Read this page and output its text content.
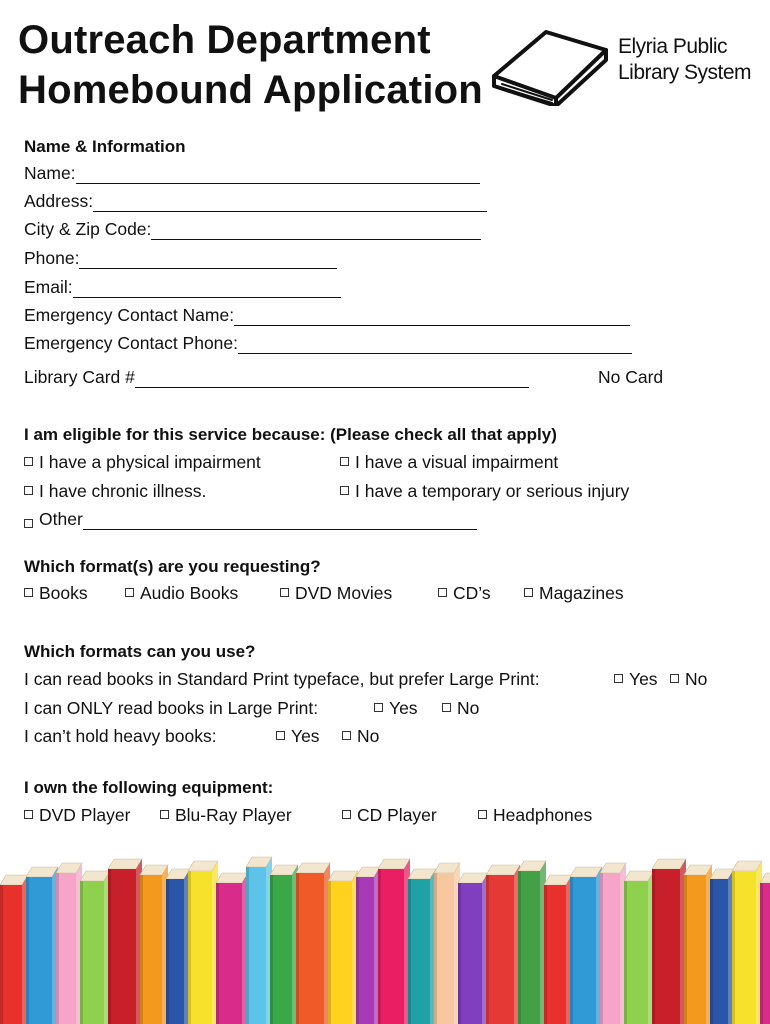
Outreach Department
Homebound Application
Elyria Public
Library System
Name & Information
Name:
Address:
City & Zip Code:
Phone:
Email:
Emergency Contact Name:
Emergency Contact Phone:
Library Card #	No Card
I am eligible for this service because: (Please check all that apply)
I have a physical impairment	I have a visual impairment
I have chronic illness.	I have a temporary or serious injury
Other
Which format(s) are you requesting?
Books	Audio Books	DVD Movies	CD’s	Magazines
Which formats can you use?
I can read books in Standard Print typeface, but prefer Large Print:	Yes	No
I can ONLY read books in Large Print:	Yes	No
I can’t hold heavy books:	Yes	No
I own the following equipment:
DVD Player	Blu-Ray Player	CD Player	Headphones
